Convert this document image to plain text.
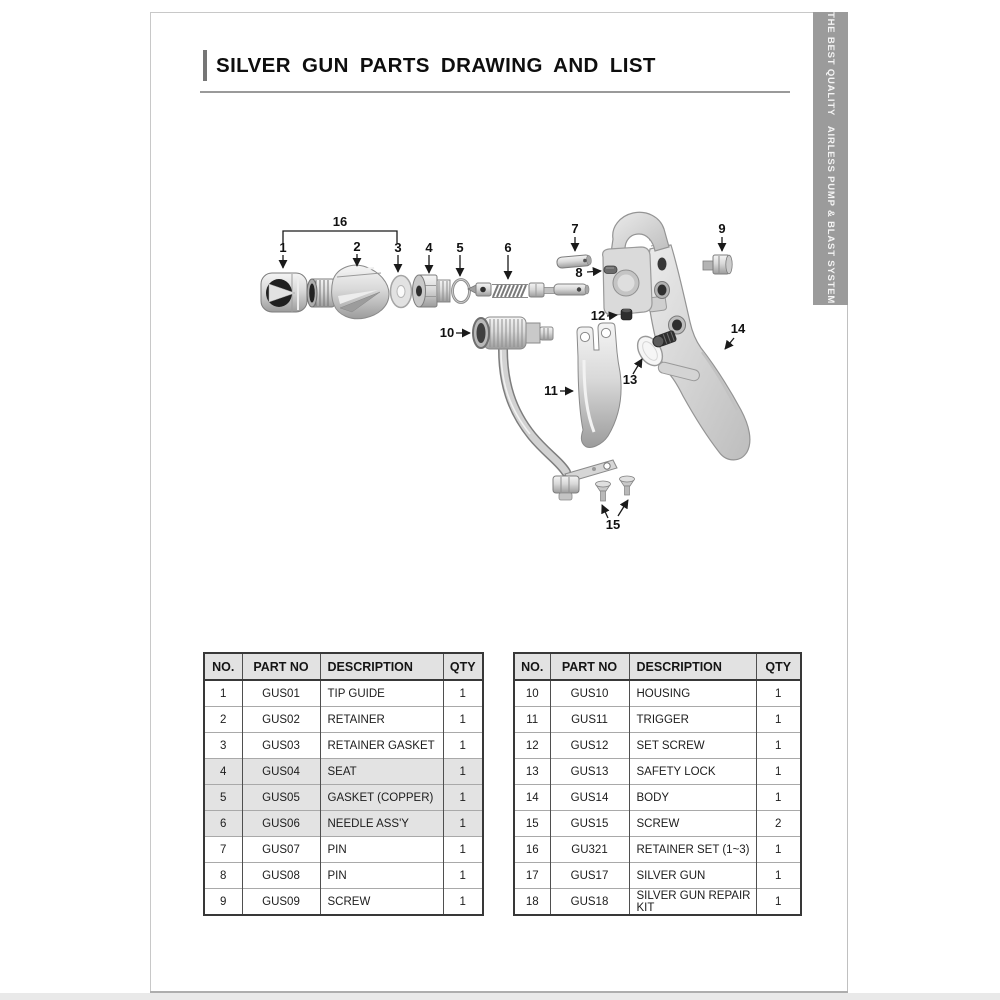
THE BEST QUALITY   AIRLESS PUMP & BLAST SYSTEM
SILVER GUN PARTS DRAWING AND LIST
16
1	2	3 4 5	6
7
8
9
10
11
12
13
14
15
NO.	PART NO	DESCRIPTION	QTY
1	GUS01	TIP GUIDE	1
2	GUS02	RETAINER	1
3	GUS03	RETAINER GASKET	1
4	GUS04	SEAT	1
5	GUS05	GASKET (COPPER)	1
6	GUS06	NEEDLE ASS'Y	1
7	GUS07	PIN	1
8	GUS08	PIN	1
9	GUS09	SCREW	1
NO.	PART NO	DESCRIPTION	QTY
10	GUS10	HOUSING	1
11	GUS11	TRIGGER	1
12	GUS12	SET SCREW	1
13	GUS13	SAFETY LOCK	1
14	GUS14	BODY	1
15	GUS15	SCREW	2
16	GU321	RETAINER SET (1~3)	1
17	GUS17	SILVER GUN	1
18	GUS18	SILVER GUN REPAIR KIT	1
